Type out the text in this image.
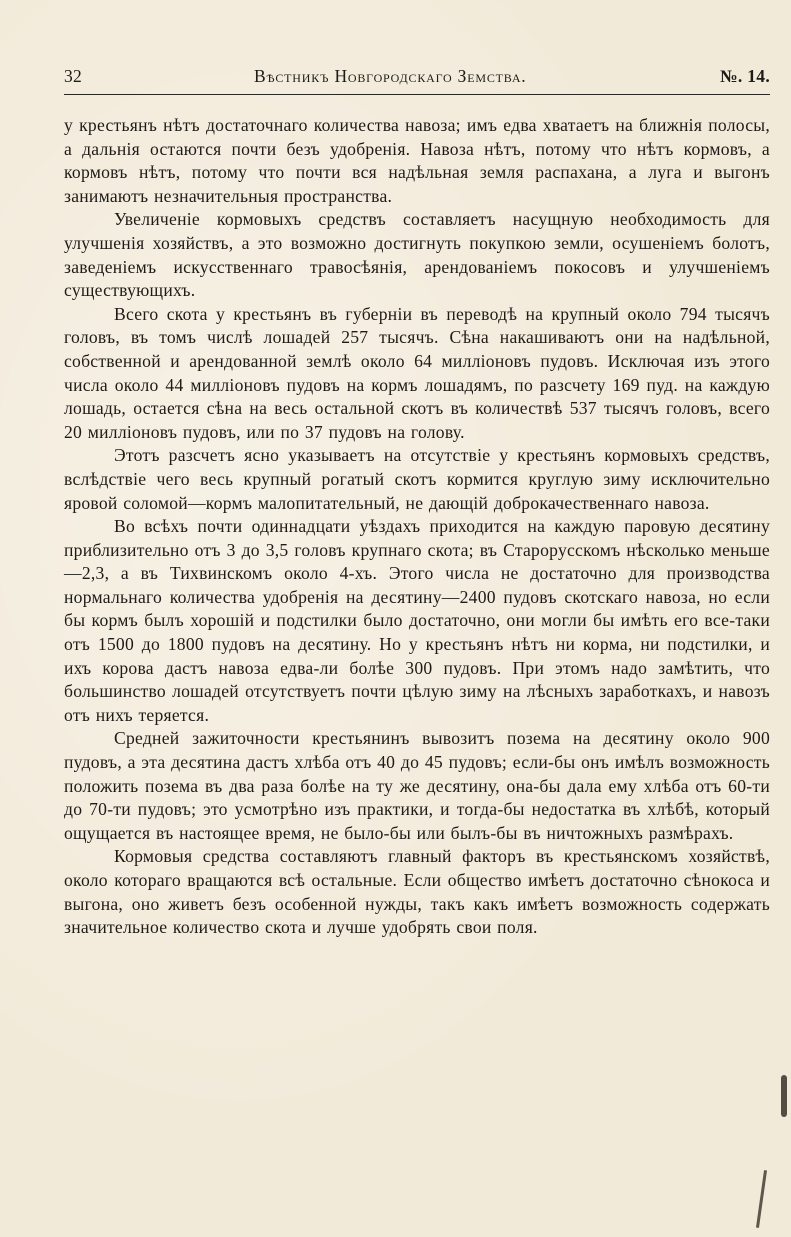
32	Вѣстникъ Новгородскаго Земства.	№. 14.

у крестьянъ нѣтъ достаточнаго количества навоза; имъ едва хватаетъ на ближнія полосы, а дальнія остаются почти безъ удобренія. Навоза нѣтъ, потому что нѣтъ кормовъ, а кормовъ нѣтъ, потому что почти вся надѣльная земля распахана, а луга и выгонъ занимаютъ незначительныя пространства.

Увеличеніе кормовыхъ средствъ составляетъ насущную необходимость для улучшенія хозяйствъ, а это возможно достигнуть покупкою земли, осушеніемъ болотъ, заведеніемъ искусственнаго травосѣянія, арендованіемъ покосовъ и улучшеніемъ существующихъ.

Всего скота у крестьянъ въ губерніи въ переводѣ на крупный около 794 тысячъ головъ, въ томъ числѣ лошадей 257 тысячъ. Сѣна накашиваютъ они на надѣльной, собственной и арендованной землѣ около 64 милліоновъ пудовъ. Исключая изъ этого числа около 44 милліоновъ пудовъ на кормъ лошадямъ, по разсчету 169 пуд. на каждую лошадь, остается сѣна на весь остальной скотъ въ количествѣ 537 тысячъ головъ, всего 20 милліоновъ пудовъ, или по 37 пудовъ на голову.

Этотъ разсчетъ ясно указываетъ на отсутствіе у крестьянъ кормовыхъ средствъ, вслѣдствіе чего весь крупный рогатый скотъ кормится круглую зиму исключительно яровой соломой—кормъ малопитательный, не дающій доброкачественнаго навоза.

Во всѣхъ почти одиннадцати уѣздахъ приходится на каждую паровую десятину приблизительно отъ 3 до 3,5 головъ крупнаго скота; въ Старорусскомъ нѣсколько меньше—2,3, а въ Тихвинскомъ около 4-хъ. Этого числа не достаточно для производства нормальнаго количества удобренія на десятину—2400 пудовъ скотскаго навоза, но если бы кормъ былъ хорошій и подстилки было достаточно, они могли бы имѣть его все-таки отъ 1500 до 1800 пудовъ на десятину. Но у крестьянъ нѣтъ ни корма, ни подстилки, и ихъ корова дастъ навоза едва-ли болѣе 300 пудовъ. При этомъ надо замѣтить, что большинство лошадей отсутствуетъ почти цѣлую зиму на лѣсныхъ заработкахъ, и навозъ отъ нихъ теряется.

Средней зажиточности крестьянинъ вывозитъ позема на десятину около 900 пудовъ, а эта десятина дастъ хлѣба отъ 40 до 45 пудовъ; если-бы онъ имѣлъ возможность положить позема въ два раза болѣе на ту же десятину, она-бы дала ему хлѣба отъ 60-ти до 70-ти пудовъ; это усмотрѣно изъ практики, и тогда-бы недостатка въ хлѣбѣ, который ощущается въ настоящее время, не было-бы или былъ-бы въ ничтожныхъ размѣрахъ.

Кормовыя средства составляютъ главный факторъ въ крестьянскомъ хозяйствѣ, около котораго вращаются всѣ остальные. Если общество имѣетъ достаточно сѣнокоса и выгона, оно живетъ безъ особенной нужды, такъ какъ имѣетъ возможность содержать значительное количество скота и лучше удобрять свои поля.
